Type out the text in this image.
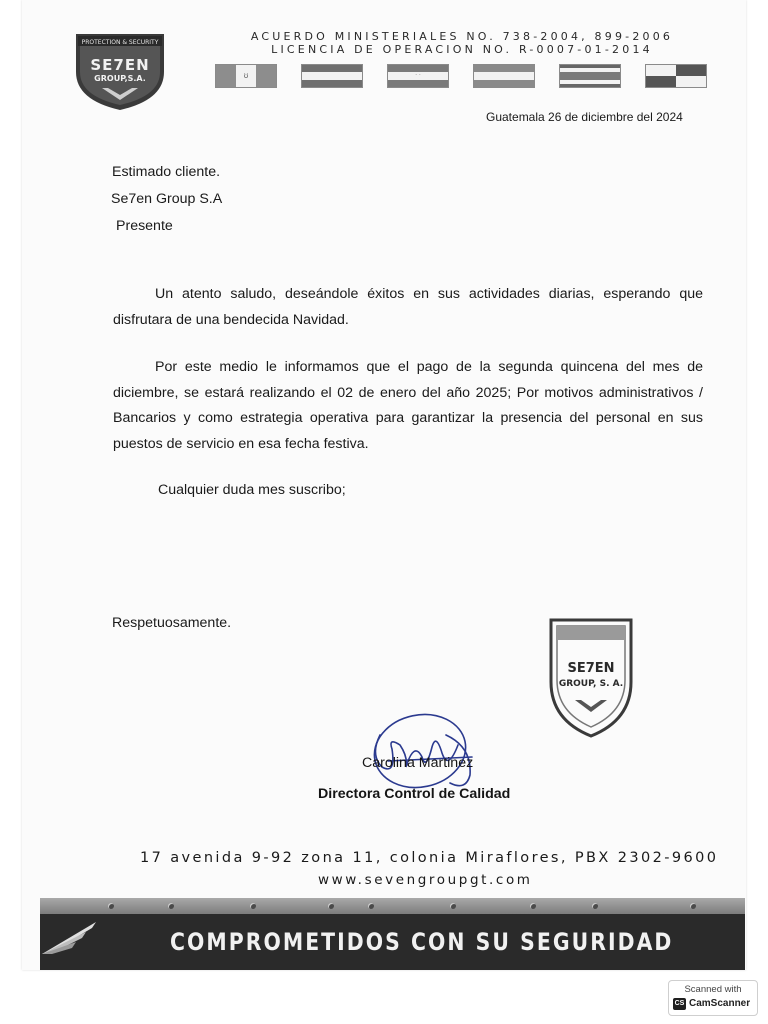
PROTECTION & SECURITY
SE7EN
GROUP,S.A.
ACUERDO MINISTERIALES NO. 738-2004, 899-2006
LICENCIA DE OPERACION NO. R-0007-01-2014
ʊ	· ·
Guatemala 26 de diciembre del 2024
Estimado cliente.
Se7en Group S.A
Presente
Un atento saludo, deseándole éxitos en sus actividades diarias, esperando que disfrutara de una bendecida Navidad.
Por este medio le informamos que el pago de la segunda quincena del mes de diciembre, se estará realizando el 02 de enero del año 2025; Por motivos administrativos / Bancarios y como estrategia operativa para garantizar la presencia del personal en sus puestos de servicio en esa fecha festiva.
Cualquier duda mes suscribo;
Respetuosamente.
SE7EN
GROUP, S. A.
Carolina Martinez
Directora Control de Calidad
17 avenida 9-92 zona 11, colonia Miraflores, PBX 2302-9600
www.sevengroupgt.com
COMPROMETIDOS CON SU SEGURIDAD
Scanned with
CS CamScanner
